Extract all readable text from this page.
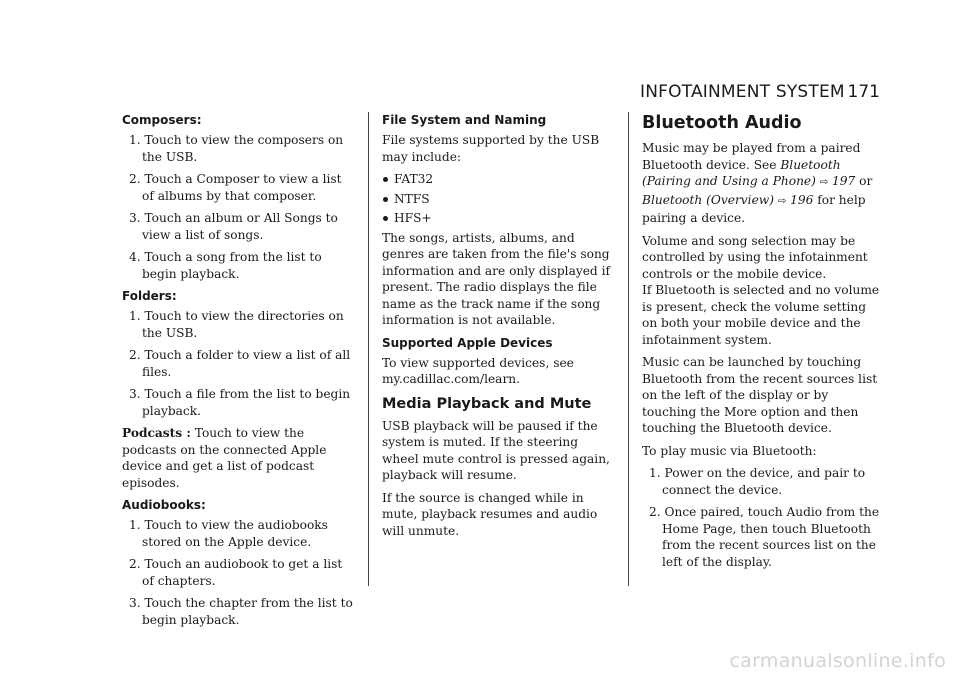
INFOTAINMENT SYSTEM 171

Composers:

1. Touch to view the composers on the USB.

2. Touch a Composer to view a list of albums by that composer.

3. Touch an album or All Songs to view a list of songs.

4. Touch a song from the list to begin playback.

Folders:

1. Touch to view the directories on the USB.

2. Touch a folder to view a list of all files.

3. Touch a file from the list to begin playback.

Podcasts : Touch to view the podcasts on the connected Apple device and get a list of podcast episodes.

Audiobooks:

1. Touch to view the audiobooks stored on the Apple device.

2. Touch an audiobook to get a list of chapters.

3. Touch the chapter from the list to begin playback.

File System and Naming

File systems supported by the USB may include:

FAT32

NTFS

HFS+

The songs, artists, albums, and genres are taken from the file's song information and are only displayed if present. The radio displays the file name as the track name if the song information is not available.

Supported Apple Devices

To view supported devices, see my.cadillac.com/learn.

Media Playback and Mute

USB playback will be paused if the system is muted. If the steering wheel mute control is pressed again, playback will resume.

If the source is changed while in mute, playback resumes and audio will unmute.

Bluetooth Audio

Music may be played from a paired Bluetooth device. See Bluetooth (Pairing and Using a Phone) ⇨ 197 or Bluetooth (Overview) ⇨ 196 for help pairing a device.

Volume and song selection may be controlled by using the infotainment controls or the mobile device.

If Bluetooth is selected and no volume is present, check the volume setting on both your mobile device and the infotainment system.

Music can be launched by touching Bluetooth from the recent sources list on the left of the display or by touching the More option and then touching the Bluetooth device.

To play music via Bluetooth:

1. Power on the device, and pair to connect the device.

2. Once paired, touch Audio from the Home Page, then touch Bluetooth from the recent sources list on the left of the display.

carmanualsonline.info
